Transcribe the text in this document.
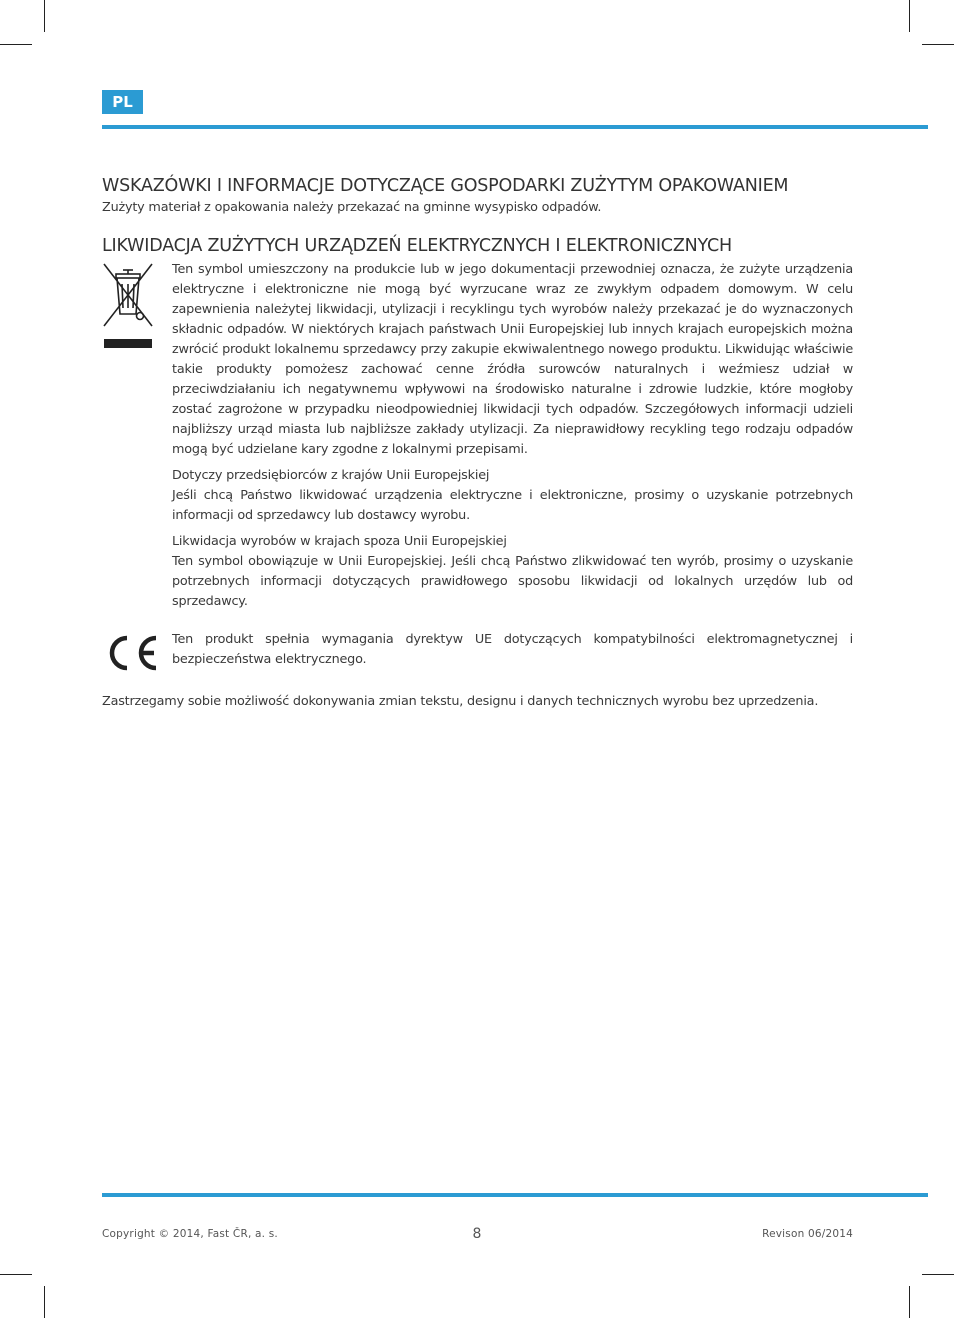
PL
WSKAZÓWKI I INFORMACJE DOTYCZĄCE GOSPODARKI ZUŻYTYM OPAKOWANIEM

Zużyty materiał z opakowania należy przekazać na gminne wysypisko odpadów.

LIKWIDACJA ZUŻYTYCH URZĄDZEŃ ELEKTRYCZNYCH I ELEKTRONICZNYCH

Ten symbol umieszczony na produkcie lub w jego dokumentacji przewodniej oznacza, że zużyte urządzenia elektryczne i elektroniczne nie mogą być wyrzucane wraz ze zwykłym odpadem domowym. W celu zapewnienia należytej likwidacji, utylizacji i recyklingu tych wyrobów należy przekazać je do wyznaczonych składnic odpadów. W niektórych krajach państwach Unii Europejskiej lub innych krajach europejskich można zwrócić produkt lokalnemu sprzedawcy przy zakupie ekwiwalentnego nowego produktu. Likwidując właściwie takie produkty pomożesz zachować cenne źródła surowców naturalnych i weźmiesz udział w przeciwdziałaniu ich negatywnemu wpływowi na środowisko naturalne i zdrowie ludzkie, które mogłoby zostać zagrożone w przypadku nieodpowiedniej likwidacji tych odpadów. Szczegółowych informacji udzieli najbliższy urząd miasta lub najbliższe zakłady utylizacji. Za nieprawidłowy recykling tego rodzaju odpadów mogą być udzielane kary zgodne z lokalnymi przepisami.

Dotyczy przedsiębiorców z krajów Unii Europejskiej

Jeśli chcą Państwo likwidować urządzenia elektryczne i elektroniczne, prosimy o uzyskanie potrzebnych informacji od sprzedawcy lub dostawcy wyrobu.

Likwidacja wyrobów w krajach spoza Unii Europejskiej

Ten symbol obowiązuje w Unii Europejskiej. Jeśli chcą Państwo zlikwidować ten wyrób, prosimy o uzyskanie potrzebnych informacji dotyczących prawidłowego sposobu likwidacji od lokalnych urzędów lub od sprzedawcy.

Ten produkt spełnia wymagania dyrektyw UE dotyczących kompatybilności elektromagnetycznej i bezpieczeństwa elektrycznego.

Zastrzegamy sobie możliwość dokonywania zmian tekstu, designu i danych technicznych wyrobu bez uprzedzenia.

Copyright © 2014, Fast ČR, a. s.	8	Revison 06/2014
